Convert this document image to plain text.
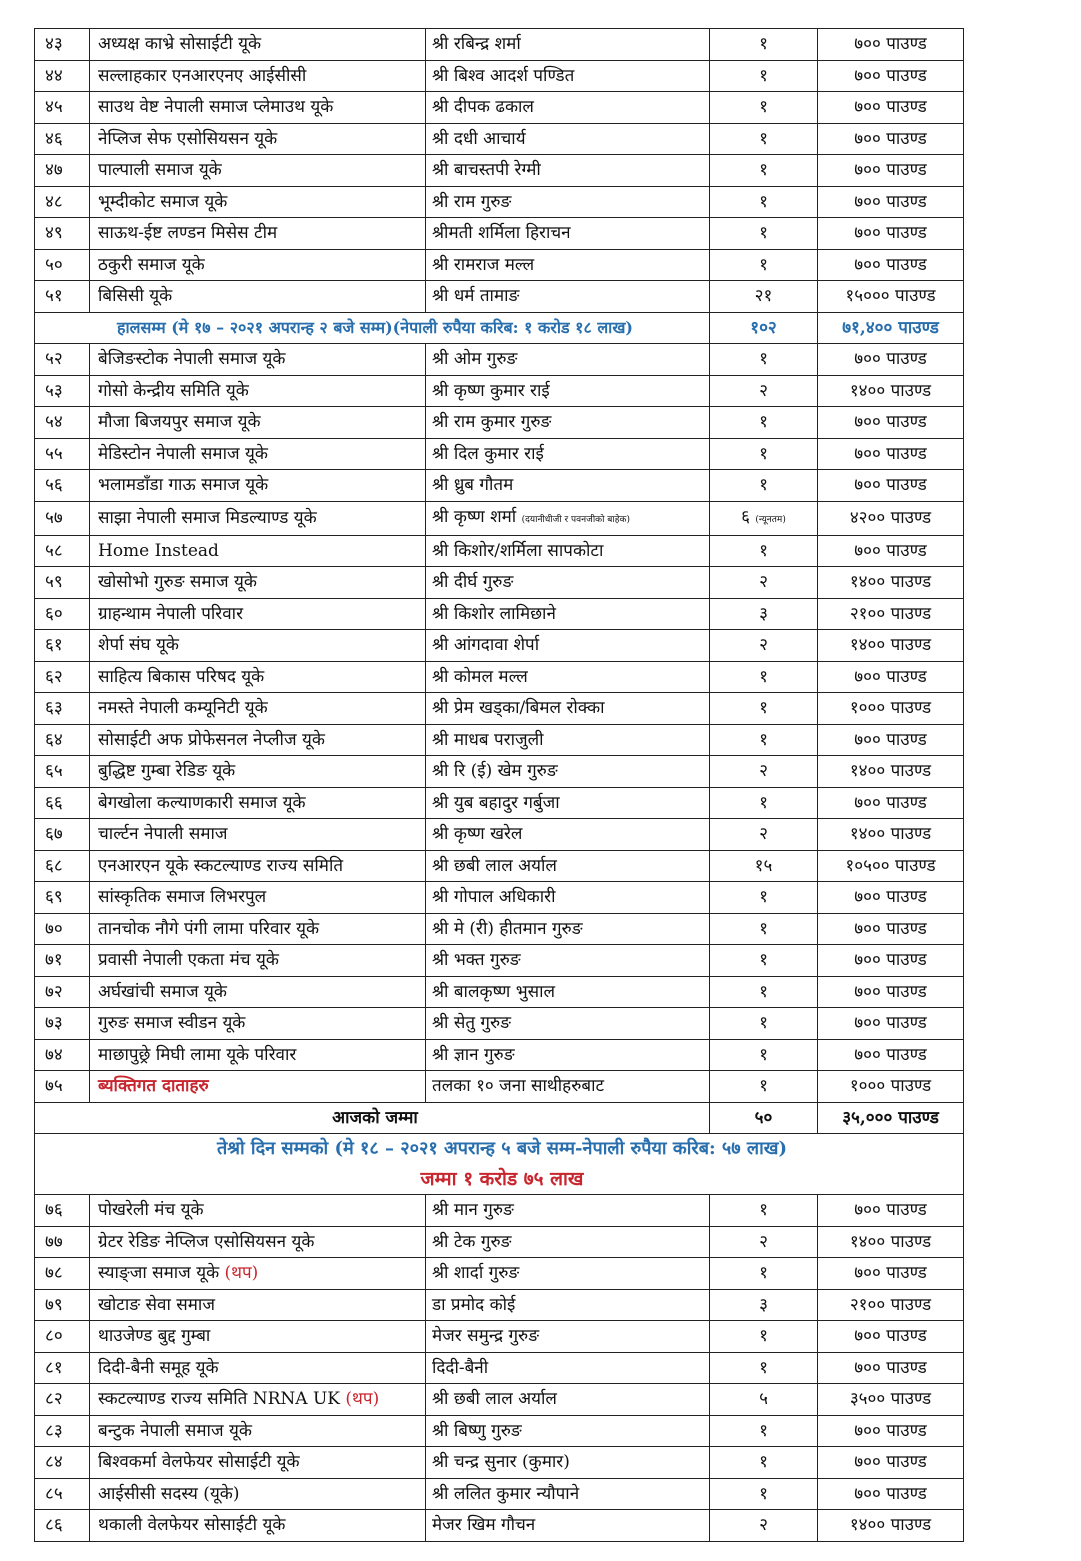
४३	अध्यक्ष काभ्रे सोसाईटी यूके	श्री रबिन्द्र शर्मा	१	७०० पाउण्ड
४४	सल्लाहकार एनआरएनए आईसीसी	श्री बिश्व आदर्श पण्डित	१	७०० पाउण्ड
४५	साउथ वेष्ट नेपाली समाज प्लेमाउथ यूके	श्री दीपक ढकाल	१	७०० पाउण्ड
४६	नेप्लिज सेफ एसोसियसन यूके	श्री दधी आचार्य	१	७०० पाउण्ड
४७	पाल्पाली समाज यूके	श्री बाचस्तपी रेग्मी	१	७०० पाउण्ड
४८	भूम्दीकोट समाज यूके	श्री राम गुरुङ	१	७०० पाउण्ड
४९	साऊथ-ईष्ट लण्डन मिसेस टीम	श्रीमती शर्मिला हिराचन	१	७०० पाउण्ड
५०	ठकुरी समाज यूके	श्री रामराज मल्ल	१	७०० पाउण्ड
५१	बिसिसी यूके	श्री धर्म तामाङ	२१	१५००० पाउण्ड
हालसम्म (मे १७ – २०२१ अपरान्ह २ बजे सम्म)(नेपाली रुपैया करिब: १ करोड १८ लाख)			१०२	७१,४०० पाउण्ड
५२	बेजिङस्टोक नेपाली समाज यूके	श्री ओम गुरुङ	१	७०० पाउण्ड
५३	गोसो केन्द्रीय समिति यूके	श्री कृष्ण कुमार राई	२	१४०० पाउण्ड
५४	मौजा बिजयपुर समाज यूके	श्री राम कुमार गुरुङ	१	७०० पाउण्ड
५५	मेडिस्टोन नेपाली समाज यूके	श्री दिल कुमार राई	१	७०० पाउण्ड
५६	भलामडाँडा गाऊ समाज यूके	श्री ध्रुब गौतम	१	७०० पाउण्ड
५७	साझा नेपाली समाज मिडल्याण्ड यूके	श्री कृष्ण शर्मा (दयानीधीजी र पवनजीको बाहेक)	६ (न्यूनतम)	४२०० पाउण्ड
५८	Home Instead	श्री किशोर/शर्मिला सापकोटा	१	७०० पाउण्ड
५९	खोसोभो गुरुङ समाज यूके	श्री दीर्घ गुरुङ	२	१४०० पाउण्ड
६०	ग्राहन्थाम नेपाली परिवार	श्री किशोर लामिछाने	३	२१०० पाउण्ड
६१	शेर्पा संघ यूके	श्री आंगदावा शेर्पा	२	१४०० पाउण्ड
६२	साहित्य बिकास परिषद यूके	श्री कोमल मल्ल	१	७०० पाउण्ड
६३	नमस्ते नेपाली कम्यूनिटी यूके	श्री प्रेम खड्का/बिमल रोक्का	१	१००० पाउण्ड
६४	सोसाईटी अफ प्रोफेसनल नेप्लीज यूके	श्री माधब पराजुली	१	७०० पाउण्ड
६५	बुद्धिष्ट गुम्बा रेडिङ यूके	श्री रि (ई) खेम गुरुङ	२	१४०० पाउण्ड
६६	बेगखोला कल्याणकारी समाज यूके	श्री युब बहादुर गर्बुजा	१	७०० पाउण्ड
६७	चार्ल्टन नेपाली समाज	श्री कृष्ण खरेल	२	१४०० पाउण्ड
६८	एनआरएन यूके स्कटल्याण्ड राज्य समिति	श्री छबी लाल अर्याल	१५	१०५०० पाउण्ड
६९	सांस्कृतिक समाज लिभरपुल	श्री गोपाल अधिकारी	१	७०० पाउण्ड
७०	तानचोक नौगे पंगी लामा परिवार यूके	श्री मे (री) हीतमान गुरुङ	१	७०० पाउण्ड
७१	प्रवासी नेपाली एकता मंच यूके	श्री भक्त गुरुङ	१	७०० पाउण्ड
७२	अर्घखांची समाज यूके	श्री बालकृष्ण भुसाल	१	७०० पाउण्ड
७३	गुरुङ समाज स्वीडन यूके	श्री सेतु गुरुङ	१	७०० पाउण्ड
७४	माछापुछ्रे मिघी लामा यूके परिवार	श्री ज्ञान गुरुङ	१	७०० पाउण्ड
७५	ब्यक्तिगत दाताहरु	तलका १० जना साथीहरुबाट	१	१००० पाउण्ड
आजको जम्मा			५०	३५,००० पाउण्ड

तेश्रो दिन सम्मको (मे १८ – २०२१ अपरान्ह ५ बजे सम्म-नेपाली रुपैया करिब: ५७ लाख)
जम्मा १ करोड ७५ लाख				

७६	पोखरेली मंच यूके	श्री मान गुरुङ	१	७०० पाउण्ड
७७	ग्रेटर रेडिङ नेप्लिज एसोसियसन यूके	श्री टेक गुरुङ	२	१४०० पाउण्ड
७८	स्याङ्जा समाज यूके (थप)	श्री शार्दा गुरुङ	१	७०० पाउण्ड
७९	खोटाङ सेवा समाज	डा प्रमोद कोई	३	२१०० पाउण्ड
८०	थाउजेण्ड बुद्द गुम्बा	मेजर समुन्द्र गुरुङ	१	७०० पाउण्ड
८१	दिदी-बैनी समूह यूके	दिदी-बैनी	१	७०० पाउण्ड
८२	स्कटल्याण्ड राज्य समिति NRNA UK (थप)	श्री छबी लाल अर्याल	५	३५०० पाउण्ड
८३	बन्टुक नेपाली समाज यूके	श्री बिष्णु गुरुङ	१	७०० पाउण्ड
८४	बिश्वकर्मा वेलफेयर सोसाईटी यूके	श्री चन्द्र सुनार (कुमार)	१	७०० पाउण्ड
८५	आईसीसी सदस्य (यूके)	श्री ललित कुमार न्यौपाने	१	७०० पाउण्ड
८६	थकाली वेलफेयर सोसाईटी यूके	मेजर खिम गौचन	२	१४०० पाउण्ड
